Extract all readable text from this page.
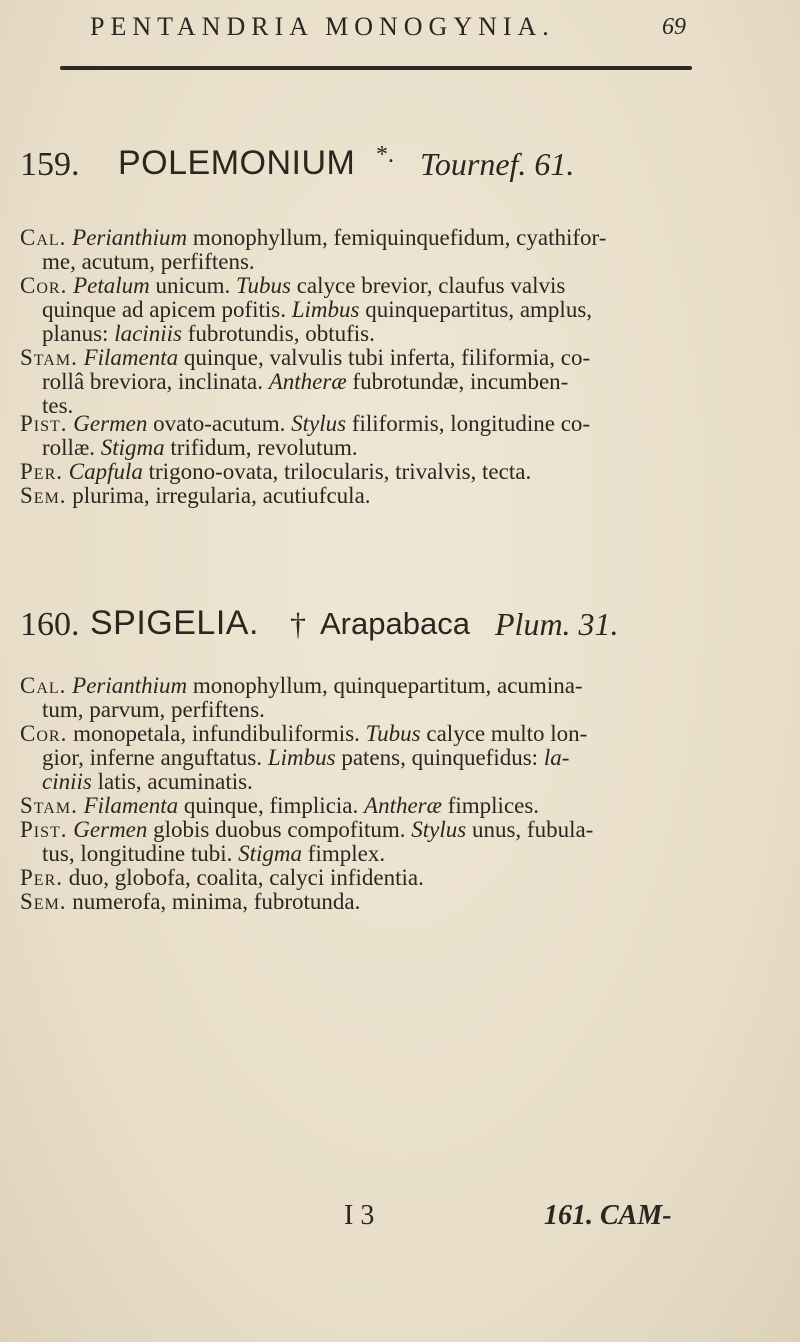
PENTANDRIA MONOGYNIA.	69
159. POLEMONIUM *. Tournef. 61.
Cal. Perianthium monophyllum, femiquinquefidum, cyathifor-
me, acutum, perfiftens.
Cor. Petalum unicum. Tubus calyce brevior, claufus valvis
quinque ad apicem pofitis. Limbus quinquepartitus, amplus,
planus: laciniis fubrotundis, obtufis.
Stam. Filamenta quinque, valvulis tubi inferta, filiformia, co-
rollâ breviora, inclinata. Antheræ fubrotundæ, incumben-
tes.
Pist. Germen ovato-acutum. Stylus filiformis, longitudine co-
rollæ. Stigma trifidum, revolutum.
Per. Capfula trigono-ovata, trilocularis, trivalvis, tecta.
Sem. plurima, irregularia, acutiufcula.
160. SPIGELIA. † Arapabaca Plum. 31.
Cal. Perianthium monophyllum, quinquepartitum, acumina-
tum, parvum, perfiftens.
Cor. monopetala, infundibuliformis. Tubus calyce multo lon-
gior, inferne anguftatus. Limbus patens, quinquefidus: la-
ciniis latis, acuminatis.
Stam. Filamenta quinque, fimplicia. Antheræ fimplices.
Pist. Germen globis duobus compofitum. Stylus unus, fubula-
tus, longitudine tubi. Stigma fimplex.
Per. duo, globofa, coalita, calyci infidentia.
Sem. numerofa, minima, fubrotunda.
I 3	161. CAM-
